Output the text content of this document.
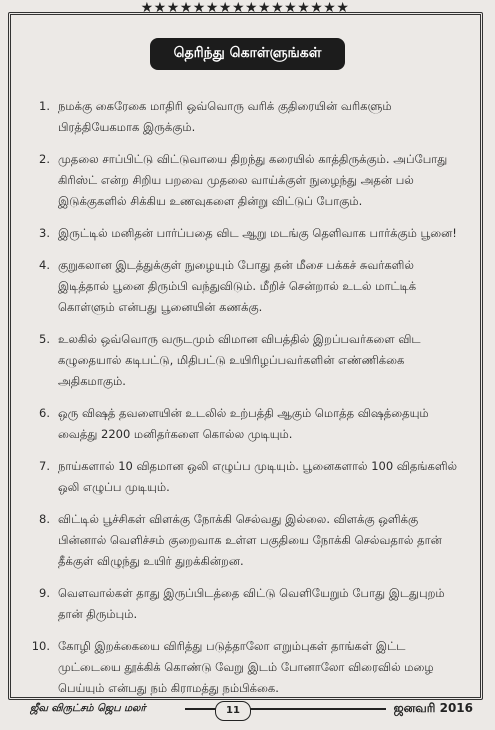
★★★★★★★★★★★★★★★★
தெரிந்து கொள்ளுங்கள்
1. நமக்கு கைரேகை மாதிரி ஒவ்வொரு வரிக் குதிரையின் வரிகளும் பிரத்தியேகமாக இருக்கும்.
2. முதலை சாப்பிட்டு விட்டுவாயை திறந்து கரையில் காத்திருக்கும். அப்போது கிரிஸ்ட் என்ற சிறிய பறவை முதலை வாய்க்குள் நுழைந்து அதன் பல் இடுக்குகளில் சிக்கிய உணவுகளை தின்று விட்டுப் போகும்.
3. இருட்டில் மனிதன் பார்ப்பதை விட ஆறு மடங்கு தெளிவாக பார்க்கும் பூனை!
4. குறுகலான இடத்துக்குள் நுழையும் போது தன் மீசை பக்கச் சுவர்களில் இடித்தால் பூனை திரும்பி வந்துவிடும். மீறிச் சென்றால் உடல் மாட்டிக் கொள்ளும் என்பது பூனையின் கணக்கு.
5. உலகில் ஒவ்வொரு வருடமும் விமான விபத்தில் இறப்பவர்களை விட கழுதையால் கடிபட்டு, மிதிபட்டு உயிரிழப்பவர்களின் எண்ணிக்கை அதிகமாகும்.
6. ஒரு விஷத் தவளையின் உடலில் உற்பத்தி ஆகும் மொத்த விஷத்தையும் வைத்து 2200 மனிதர்களை கொல்ல முடியும்.
7. நாய்களால் 10 விதமான ஒலி எழுப்ப முடியும். பூனைகளால் 100 விதங்களில் ஒலி எழுப்ப முடியும்.
8. விட்டில் பூச்சிகள் விளக்கு நோக்கி செல்வது இல்லை. விளக்கு ஒளிக்கு பின்னால் வெளிச்சம் குறைவாக உள்ள பகுதியை நோக்கி செல்வதால் தான் தீக்குள் விழுந்து உயிர் துறக்கின்றன.
9. வௌவால்கள் தாது இருப்பிடத்தை விட்டு வெளியேறும் போது இடதுபுறம் தான் திரும்பும்.
10. கோழி இறக்கையை விரித்து படுத்தாலோ எறும்புகள் தாங்கள் இட்ட முட்டையை தூக்கிக் கொண்டு வேறு இடம் போனாலோ விரைவில் மழை பெய்யும் என்பது நம் கிராமத்து நம்பிக்கை.
ஜீவ விருட்சம் ஜெப மலர்	ஜனவரி 2016
11
